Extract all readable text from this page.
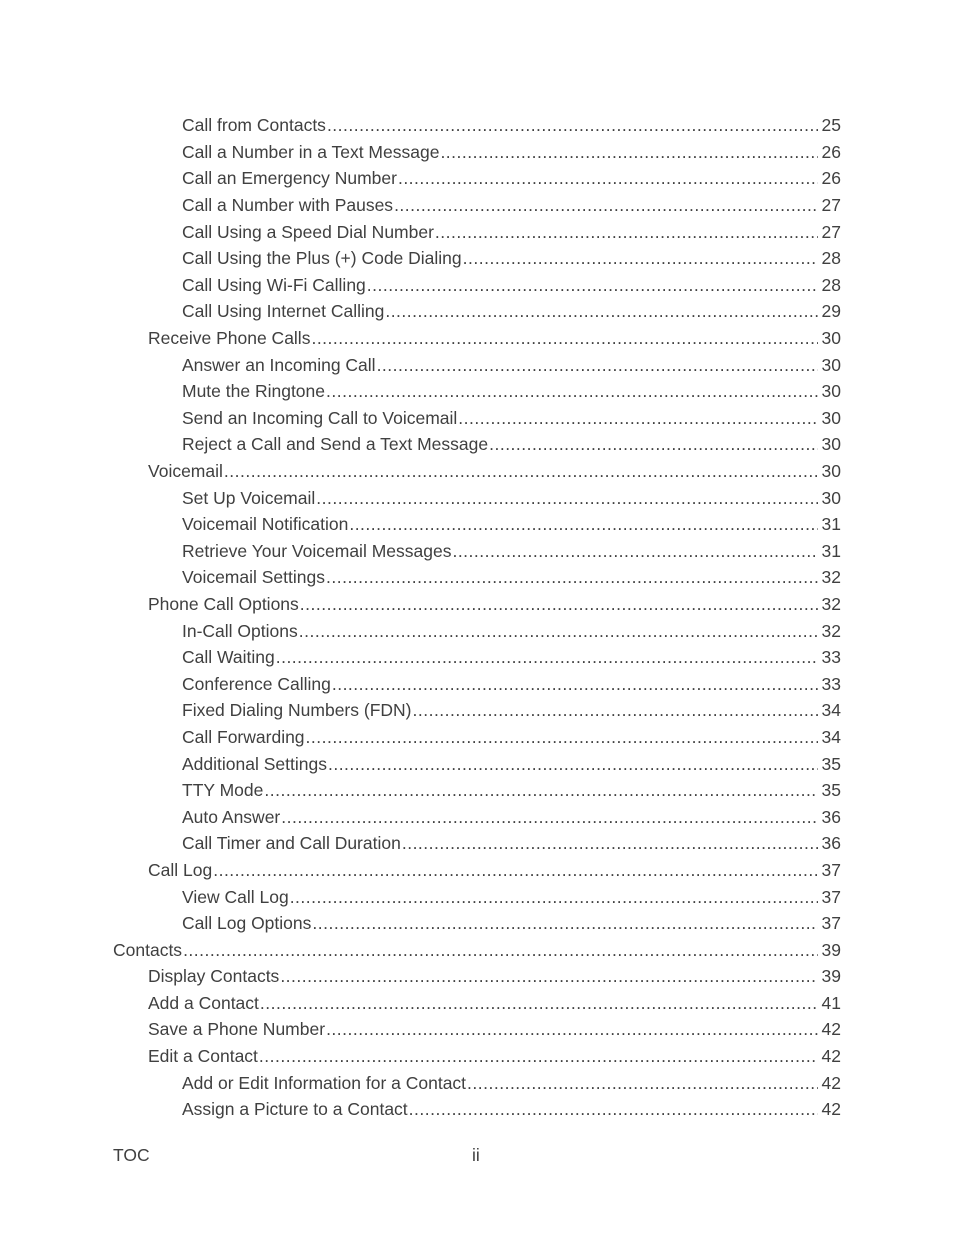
Call from Contacts .....	25
Call a Number in a Text Message .....	26
Call an Emergency Number .....	26
Call a Number with Pauses .....	27
Call Using a Speed Dial Number .....	27
Call Using the Plus (+) Code Dialing .....	28
Call Using Wi-Fi Calling .....	28
Call Using Internet Calling .....	29
Receive Phone Calls .....	30
Answer an Incoming Call .....	30
Mute the Ringtone .....	30
Send an Incoming Call to Voicemail .....	30
Reject a Call and Send a Text Message .....	30
Voicemail .....	30
Set Up Voicemail .....	30
Voicemail Notification .....	31
Retrieve Your Voicemail Messages .....	31
Voicemail Settings .....	32
Phone Call Options .....	32
In-Call Options .....	32
Call Waiting .....	33
Conference Calling .....	33
Fixed Dialing Numbers (FDN) .....	34
Call Forwarding .....	34
Additional Settings .....	35
TTY Mode .....	35
Auto Answer .....	36
Call Timer and Call Duration .....	36
Call Log .....	37
View Call Log .....	37
Call Log Options .....	37
Contacts .....	39
Display Contacts .....	39
Add a Contact .....	41
Save a Phone Number .....	42
Edit a Contact .....	42
Add or Edit Information for a Contact .....	42
Assign a Picture to a Contact .....	42
TOC	ii
